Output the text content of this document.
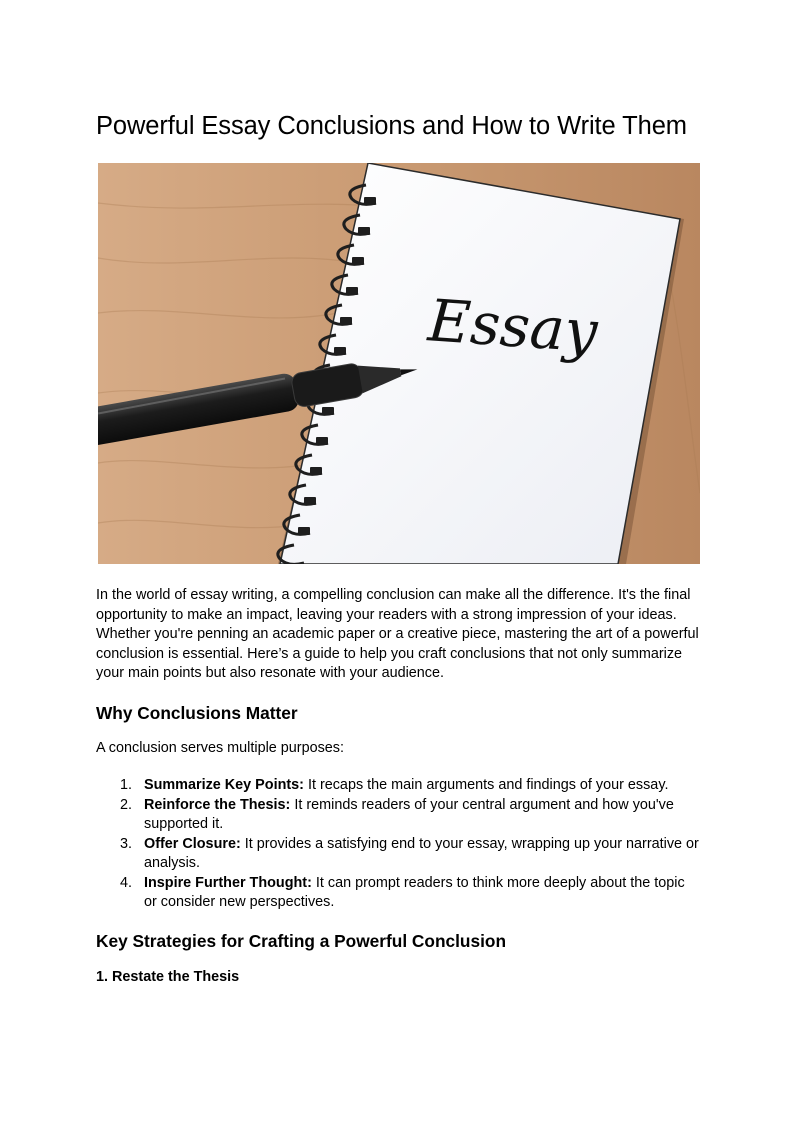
Powerful Essay Conclusions and How to Write Them
Essay

In the world of essay writing, a compelling conclusion can make all the difference. It's the final opportunity to make an impact, leaving your readers with a strong impression of your ideas. Whether you're penning an academic paper or a creative piece, mastering the art of a powerful conclusion is essential. Here’s a guide to help you craft conclusions that not only summarize your main points but also resonate with your audience.

Why Conclusions Matter

A conclusion serves multiple purposes:

1. Summarize Key Points: It recaps the main arguments and findings of your essay.
2. Reinforce the Thesis: It reminds readers of your central argument and how you've supported it.
3. Offer Closure: It provides a satisfying end to your essay, wrapping up your narrative or analysis.
4. Inspire Further Thought: It can prompt readers to think more deeply about the topic or consider new perspectives.
Key Strategies for Crafting a Powerful Conclusion
1. Restate the Thesis
